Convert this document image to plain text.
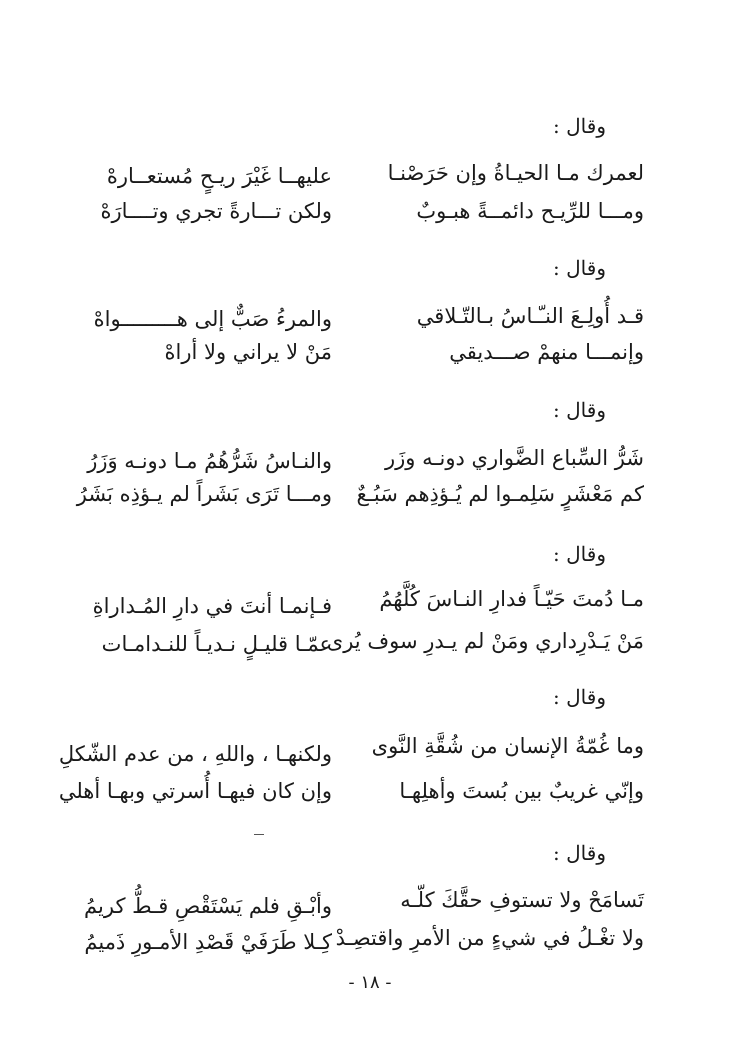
وقال :
لعمرك مـا الحيـاةُ وإن حَرَصْنـا
عليهــا غَيْرَ ريـحٍ مُستعــارهْ
ومـــا للرِّيـح دائمــةً هبـوبٌ
ولكن تـــارةً تجري وتــــارَهْ
وقال :
قـد أُولِـعَ النـّـاسُ بـالتّـلاقي
والمرءُ صَبٌّ إلى هـــــــــواهْ
وإنمـــا منهمْ صـــديقي
مَنْ لا يراني ولا أراهْ
وقال :
شَرُّ السِّباع الضَّواري دونـه وزَر
والنـاسُ شَرُّهُمُ مـا دونـه وَزَرُ
كم مَعْشَرٍ سَلِمـوا لم يُـؤذِهم سَبُـعٌ
ومـــا تَرَى بَشَراً لم يـؤذِه بَشَرُ
وقال :
مـا دُمتَ حَيّـاً فدارِ النـاسَ كُلَّهُمُ
فـإنمـا أنتَ في دارِ المُـداراةِ
مَنْ يَـدْرِداري ومَنْ لم يـدرِ سوف يُرى
عمّـا قليـلٍ نـديـاً للنـدامـات
وقال :
وما غُمّةُ الإنسان من شُقَّةِ النَّوى
ولكنهـا ، واللهِ ، من عدم الشّكلِ
وإنّي غريبٌ بين بُستَ وأهلِهـا
وإن كان فيهـا أُسرتي وبهـا أهلي
وقال :
تَسامَحْ ولا تستوفِ حقَّكَ كلّـه
وأبْـقِ فلم يَسْتَقْصِ قـطُّ كريمُ
ولا تغْـلُ في شيءٍ من الأمرِ واقتصِـدْ
كِـلا طَرَفَيْ قَصْدِ الأمـورِ ذَميمُ
- ١٨ -
